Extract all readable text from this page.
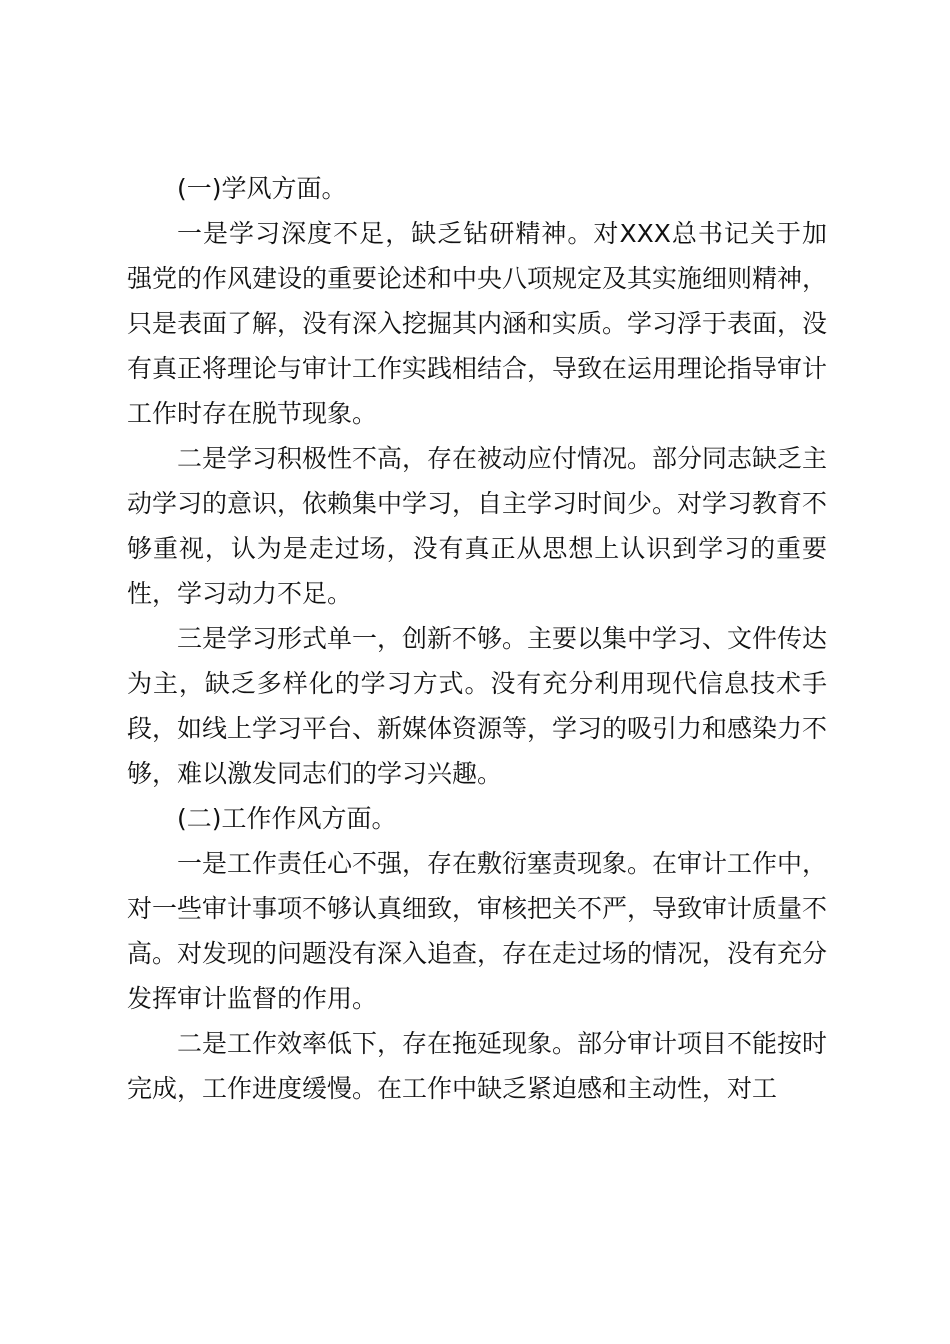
(一)学风方面。

一是学习深度不足，缺乏钻研精神。对XXX总书记关于加强党的作风建设的重要论述和中央八项规定及其实施细则精神，只是表面了解，没有深入挖掘其内涵和实质。学习浮于表面，没有真正将理论与审计工作实践相结合，导致在运用理论指导审计工作时存在脱节现象。

二是学习积极性不高，存在被动应付情况。部分同志缺乏主动学习的意识，依赖集中学习，自主学习时间少。对学习教育不够重视，认为是走过场，没有真正从思想上认识到学习的重要性，学习动力不足。

三是学习形式单一，创新不够。主要以集中学习、文件传达为主，缺乏多样化的学习方式。没有充分利用现代信息技术手段，如线上学习平台、新媒体资源等，学习的吸引力和感染力不够，难以激发同志们的学习兴趣。

(二)工作作风方面。

一是工作责任心不强，存在敷衍塞责现象。在审计工作中，对一些审计事项不够认真细致，审核把关不严，导致审计质量不高。对发现的问题没有深入追查，存在走过场的情况，没有充分发挥审计监督的作用。

二是工作效率低下，存在拖延现象。部分审计项目不能按时完成，工作进度缓慢。在工作中缺乏紧迫感和主动性，对工
